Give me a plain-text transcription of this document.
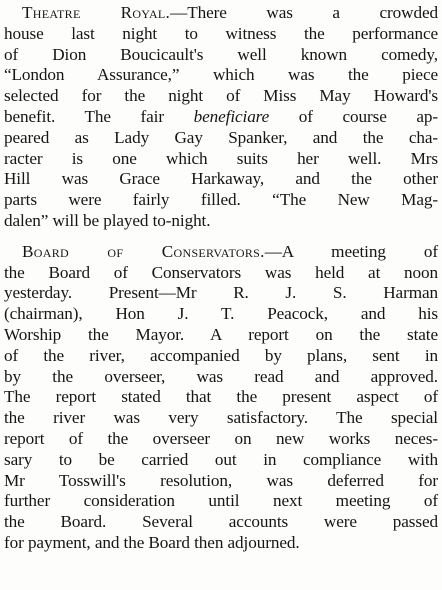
Theatre Royal.—There was a crowded
house last night to witness the performance
of Dion Boucicault's well known comedy,
“London Assurance,” which was the piece
selected for the night of Miss May Howard's
benefit. The fair beneficiare of course ap-
peared as Lady Gay Spanker, and the cha-
racter is one which suits her well. Mrs
Hill was Grace Harkaway, and the other
parts were fairly filled. “The New Mag-
dalen” will be played to-night.
Board of Conservators.—A meeting of
the Board of Conservators was held at noon
yesterday. Present—Mr R. J. S. Harman
(chairman), Hon J. T. Peacock, and his
Worship the Mayor. A report on the state
of the river, accompanied by plans, sent in
by the overseer, was read and approved.
The report stated that the present aspect of
the river was very satisfactory. The special
report of the overseer on new works neces-
sary to be carried out in compliance with
Mr Tosswill's resolution, was deferred for
further consideration until next meeting of
the Board. Several accounts were passed
for payment, and the Board then adjourned.
